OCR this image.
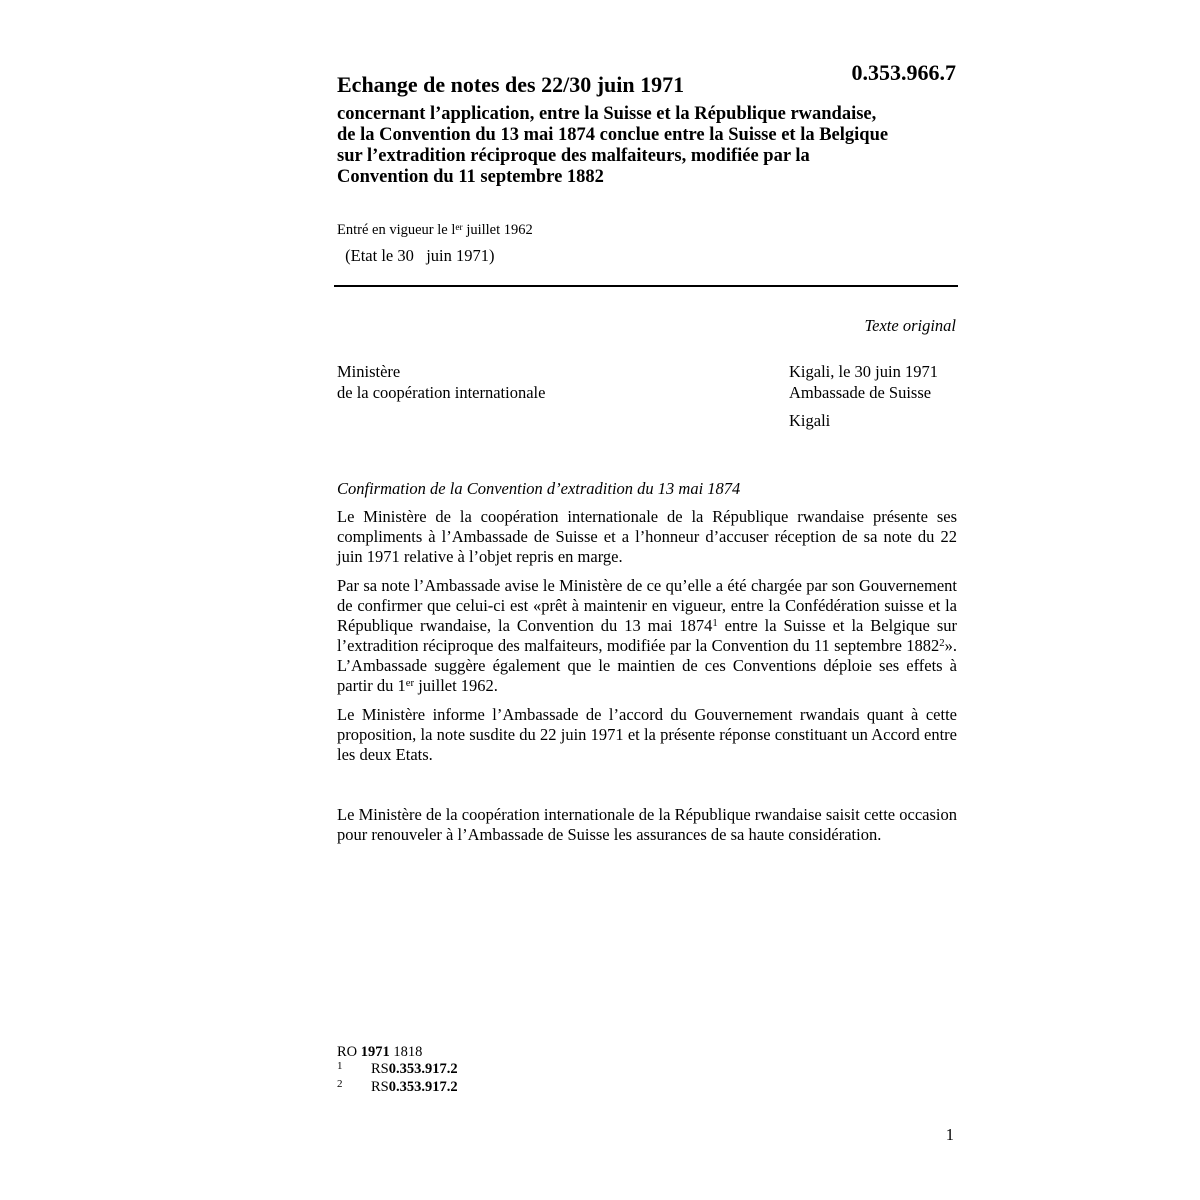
0.353.966.7
Echange de notes des 22/30 juin 1971
concernant l’application, entre la Suisse et la République rwandaise,
de la Convention du 13 mai 1874 conclue entre la Suisse et la Belgique
sur l’extradition réciproque des malfaiteurs, modifiée par la
Convention du 11 septembre 1882
Entré en vigueur le $l^{er}$ juillet 1962
(Etat le 30   juin 1971)
Texte original
Ministère
de la coopération internationale
Kigali, le 30 juin 1971
Ambassade de Suisse
Kigali
Confirmation de la Convention d’extradition du 13 mai 1874
Le Ministère de la coopération internationale de la République rwandaise présente ses compliments à l’Ambassade de Suisse et a l’honneur d’accuser réception de sa note du 22 juin 1971 relative à l’objet repris en marge.
Par sa note l’Ambassade avise le Ministère de ce qu’elle a été chargée par son Gouvernement de confirmer que celui-ci est «prêt à maintenir en vigueur, entre la Confédération suisse et la République rwandaise, la Convention du 13 mai 1874$^1$ entre la Suisse et la Belgique sur l’extradition réciproque des malfaiteurs, modifiée par la Convention du 11 septembre 1882$^2$». L’Ambassade suggère également que le maintien de ces Conventions déploie ses effets à partir du 1er juillet 1962.
Le Ministère informe l’Ambassade de l’accord du Gouvernement rwandais quant à cette proposition, la note susdite du 22 juin 1971 et la présente réponse constituant un Accord entre les deux Etats.
Le Ministère de la coopération internationale de la République rwandaise saisit cette occasion pour renouveler à l’Ambassade de Suisse les assurances de sa haute considération.
RO 1971 1818
1	RS 0.353.917.2
2	RS 0.353.917.2
1
